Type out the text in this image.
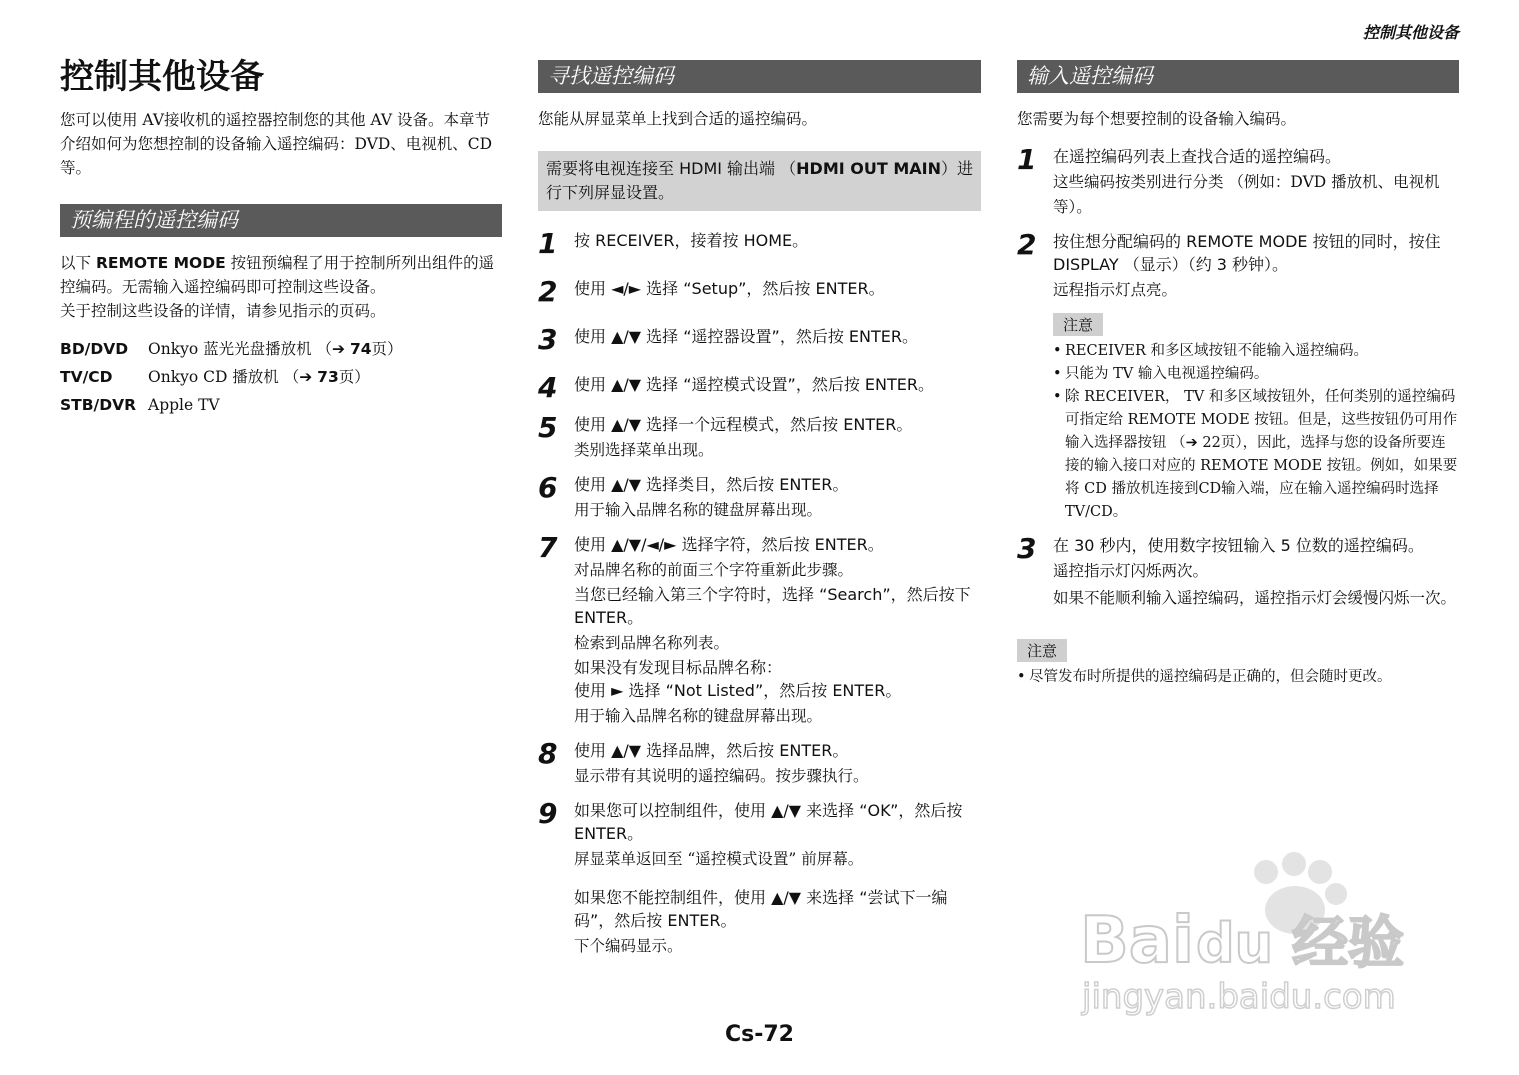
控制其他设备
控制其他设备

您可以使用 AV接收机的遥控器控制您的其他 AV 设备。本章节介绍如何为您想控制的设备输入遥控编码：DVD、电视机、CD 等。

预编程的遥控编码

以下 REMOTE MODE 按钮预编程了用于控制所列出组件的遥控编码。无需输入遥控编码即可控制这些设备。

关于控制这些设备的详情，请参见指示的页码。

BD/DVD	Onkyo 蓝光光盘播放机 （➔ 74页）
TV/CD	Onkyo CD 播放机 （➔ 73页）
STB/DVR Apple TV
寻找遥控编码

您能从屏显菜单上找到合适的遥控编码。

需要将电视连接至 HDMI 输出端 （HDMI OUT MAIN）进行下列屏显设置。
1	按 RECEIVER，接着按 HOME。
2	使用 ◄/► 选择 “Setup”，然后按 ENTER。
3	使用 ▲/▼ 选择 “遥控器设置”，然后按 ENTER。
4	使用 ▲/▼ 选择 “遥控模式设置”，然后按 ENTER。
5	使用 ▲/▼ 选择一个远程模式，然后按 ENTER。
类别选择菜单出现。
6	使用 ▲/▼ 选择类目，然后按 ENTER。
用于输入品牌名称的键盘屏幕出现。
7	使用 ▲/▼/◄/► 选择字符，然后按 ENTER。
对品牌名称的前面三个字符重新此步骤。
当您已经输入第三个字符时，选择 “Search”，然后按下 ENTER。
检索到品牌名称列表。
如果没有发现目标品牌名称：
使用 ► 选择 “Not Listed”，然后按 ENTER。
用于输入品牌名称的键盘屏幕出现。
8	使用 ▲/▼ 选择品牌，然后按 ENTER。
显示带有其说明的遥控编码。按步骤执行。
9	如果您可以控制组件，使用 ▲/▼ 来选择 “OK”，然后按 ENTER。
屏显菜单返回至 “遥控模式设置” 前屏幕。
如果您不能控制组件，使用 ▲/▼ 来选择 “尝试下一编码”，然后按 ENTER。
下个编码显示。
输入遥控编码

您需要为每个想要控制的设备输入编码。

1	在遥控编码列表上查找合适的遥控编码。
这些编码按类别进行分类 （例如：DVD 播放机、电视机等）。
2	按住想分配编码的 REMOTE MODE 按钮的同时，按住 DISPLAY （显示）（约 3 秒钟）。
远程指示灯点亮。
注意
• RECEIVER 和多区域按钮不能输入遥控编码。
• 只能为 TV 输入电视遥控编码。
• 除 RECEIVER， TV 和多区域按钮外，任何类别的遥控编码可指定给 REMOTE MODE 按钮。但是，这些按钮仍可用作输入选择器按钮 （➔ 22页），因此，选择与您的设备所要连接的输入接口对应的 REMOTE MODE 按钮。例如，如果要将 CD 播放机连接到CD输入端，应在输入遥控编码时选择 TV/CD。
3	在 30 秒内，使用数字按钮输入 5 位数的遥控编码。
遥控指示灯闪烁两次。
如果不能顺利输入遥控编码，遥控指示灯会缓慢闪烁一次。
注意
• 尽管发布时所提供的遥控编码是正确的，但会随时更改。
Bai du 经验
jingyan.baidu.com
Cs-72
